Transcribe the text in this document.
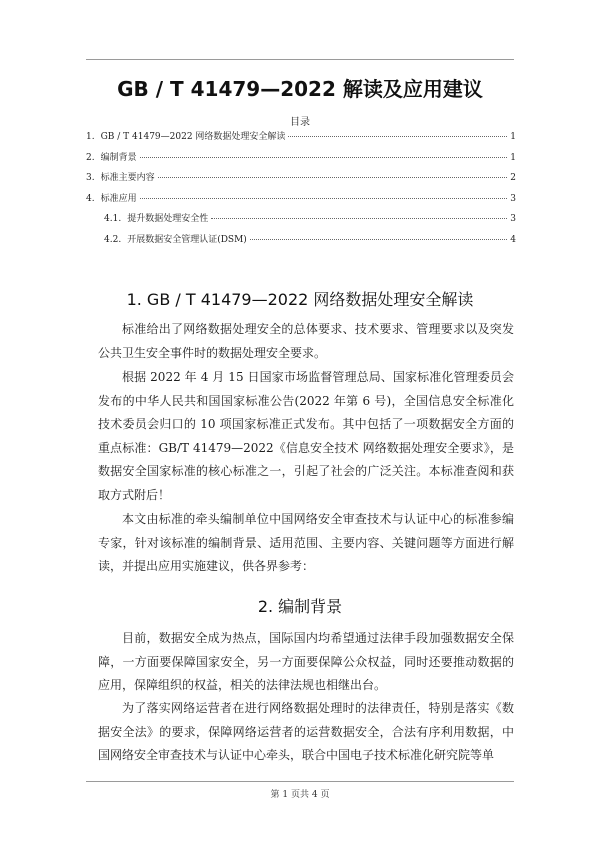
GB / T 41479—2022 解读及应用建议
目录
1. GB / T 41479—2022 网络数据处理安全解读	1
2. 编制背景	1
3. 标准主要内容	2
4. 标准应用	3
4.1. 提升数据处理安全性	3
4.2. 开展数据安全管理认证(DSM)	4
1. GB / T 41479—2022 网络数据处理安全解读

标准给出了网络数据处理安全的总体要求、技术要求、管理要求以及突发公共卫生安全事件时的数据处理安全要求。

根据 2022 年 4 月 15 日国家市场监督管理总局、国家标准化管理委员会发布的中华人民共和国国家标准公告(2022 年第 6 号)，全国信息安全标准化技术委员会归口的 10 项国家标准正式发布。其中包括了一项数据安全方面的重点标准：GB/T 41479—2022《信息安全技术 网络数据处理安全要求》，是数据安全国家标准的核心标准之一，引起了社会的广泛关注。本标准查阅和获取方式附后！

本文由标准的牵头编制单位中国网络安全审查技术与认证中心的标准参编专家，针对该标准的编制背景、适用范围、主要内容、关键问题等方面进行解读，并提出应用实施建议，供各界参考：

2. 编制背景

目前，数据安全成为热点，国际国内均希望通过法律手段加强数据安全保障，一方面要保障国家安全，另一方面要保障公众权益，同时还要推动数据的应用，保障组织的权益，相关的法律法规也相继出台。

为了落实网络运营者在进行网络数据处理时的法律责任，特别是落实《数据安全法》的要求，保障网络运营者的运营数据安全，合法有序利用数据，中国网络安全审查技术与认证中心牵头，联合中国电子技术标准化研究院等单

第 1 页共 4 页
